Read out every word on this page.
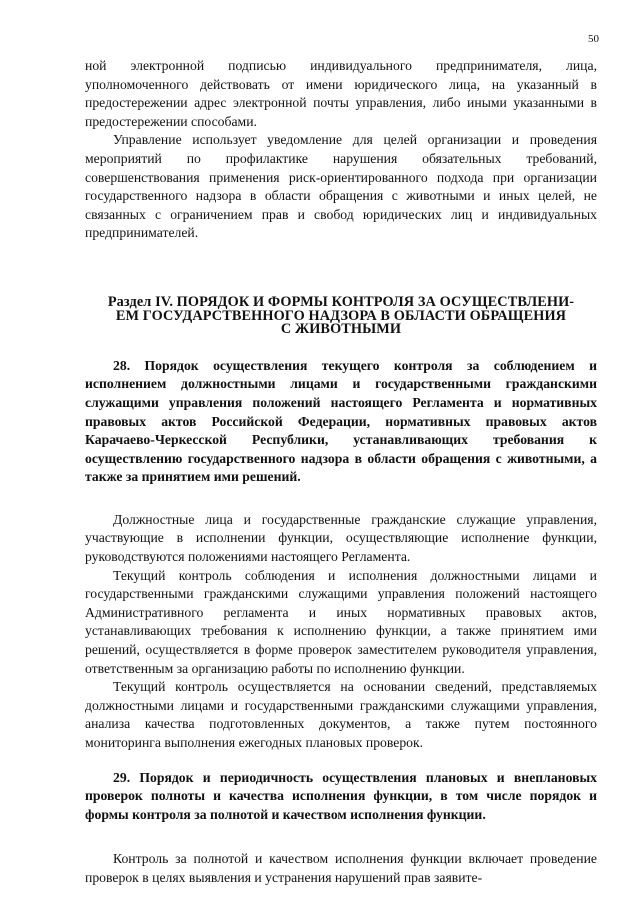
50

ной электронной подписью индивидуального предпринимателя, лица, уполномоченного действовать от имени юридического лица, на указанный в предостережении адрес электронной почты управления, либо иными указанными в предостережении способами.

Управление использует уведомление для целей организации и проведения мероприятий по профилактике нарушения обязательных требований, совершенствования применения риск-ориентированного подхода при организации государственного надзора в области обращения с животными и иных целей, не связанных с ограничением прав и свобод юридических лиц и индивидуальных предпринимателей.

Раздел IV. ПОРЯДОК И ФОРМЫ КОНТРОЛЯ ЗА ОСУЩЕСТВЛЕНИ-
ЕМ ГОСУДАРСТВЕННОГО НАДЗОРА В ОБЛАСТИ ОБРАЩЕНИЯ
С ЖИВОТНЫМИ

28. Порядок осуществления текущего контроля за соблюдением и исполнением должностными лицами и государственными гражданскими служащими управления положений настоящего Регламента и нормативных правовых актов Российской Федерации, нормативных правовых актов Карачаево-Черкесской Республики, устанавливающих требования к осуществлению государственного надзора в области обращения с животными, а также за принятием ими решений.

Должностные лица и государственные гражданские служащие управления, участвующие в исполнении функции, осуществляющие исполнение функции, руководствуются положениями настоящего Регламента.

Текущий контроль соблюдения и исполнения должностными лицами и государственными гражданскими служащими управления положений настоящего Административного регламента и иных нормативных правовых актов, устанавливающих требования к исполнению функции, а также принятием ими решений, осуществляется в форме проверок заместителем руководителя управления, ответственным за организацию работы по исполнению функции.

Текущий контроль осуществляется на основании сведений, представляемых должностными лицами и государственными гражданскими служащими управления, анализа качества подготовленных документов, а также путем постоянного мониторинга выполнения ежегодных плановых проверок.

29. Порядок и периодичность осуществления плановых и внеплановых проверок полноты и качества исполнения функции, в том числе порядок и формы контроля за полнотой и качеством исполнения функции.

Контроль за полнотой и качеством исполнения функции включает проведение проверок в целях выявления и устранения нарушений прав заявите-
